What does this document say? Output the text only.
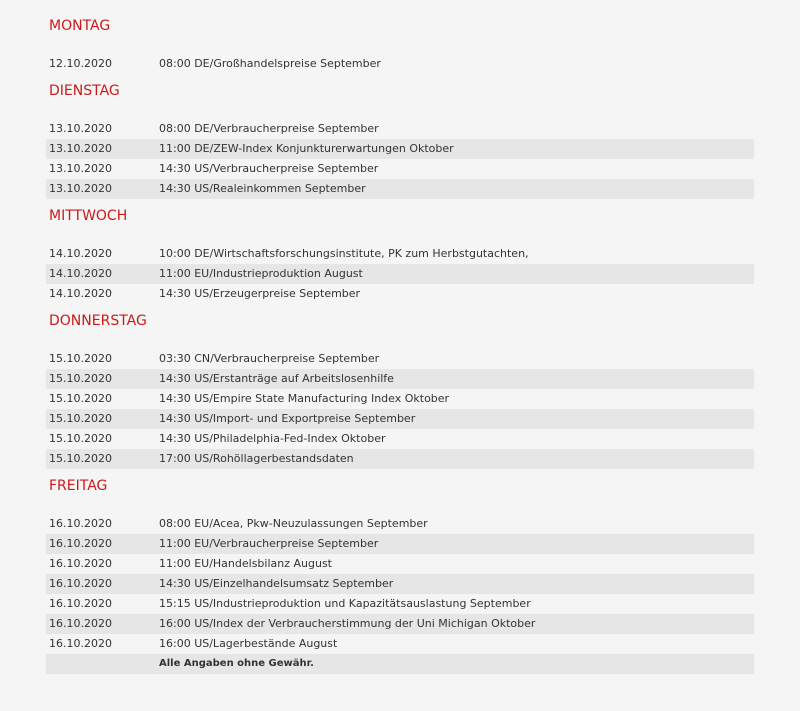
MONTAG
12.10.2020	08:00 DE/Großhandelspreise September
DIENSTAG
13.10.2020	08:00 DE/Verbraucherpreise September
13.10.2020	11:00 DE/ZEW-Index Konjunkturerwartungen Oktober
13.10.2020	14:30 US/Verbraucherpreise September
13.10.2020	14:30 US/Realeinkommen September
MITTWOCH
14.10.2020	10:00 DE/Wirtschaftsforschungsinstitute, PK zum Herbstgutachten,
14.10.2020	11:00 EU/Industrieproduktion August
14.10.2020	14:30 US/Erzeugerpreise September
DONNERSTAG
15.10.2020	03:30 CN/Verbraucherpreise September
15.10.2020	14:30 US/Erstanträge auf Arbeitslosenhilfe
15.10.2020	14:30 US/Empire State Manufacturing Index Oktober
15.10.2020	14:30 US/Import- und Exportpreise September
15.10.2020	14:30 US/Philadelphia-Fed-Index Oktober
15.10.2020	17:00 US/Rohöllagerbestandsdaten
FREITAG
16.10.2020	08:00 EU/Acea, Pkw-Neuzulassungen September
16.10.2020	11:00 EU/Verbraucherpreise September
16.10.2020	11:00 EU/Handelsbilanz August
16.10.2020	14:30 US/Einzelhandelsumsatz September
16.10.2020	15:15 US/Industrieproduktion und Kapazitätsauslastung September
16.10.2020	16:00 US/Index der Verbraucherstimmung der Uni Michigan Oktober
16.10.2020	16:00 US/Lagerbestände August
Alle Angaben ohne Gewähr.
